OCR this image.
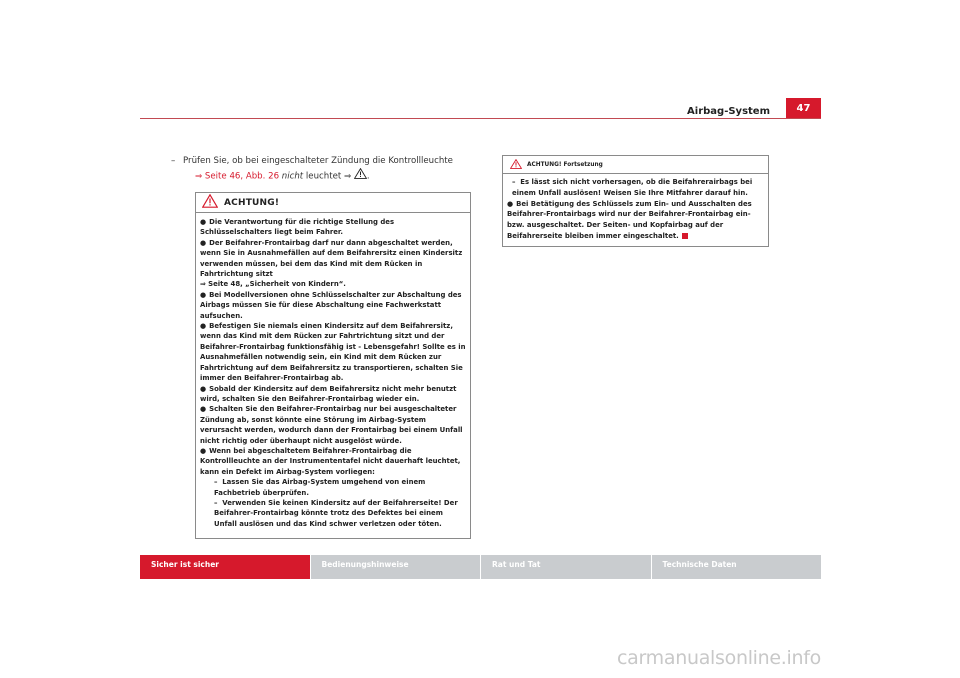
Airbag-System	47
– Prüfen Sie, ob bei eingeschalteter Zündung die Kontrollleuchte
⇒ Seite 46, Abb. 26 nicht leuchtet ⇒ .
ACHTUNG!
● Die Verantwortung für die richtige Stellung des Schlüsselschalters liegt beim Fahrer.
● Der Beifahrer-Frontairbag darf nur dann abgeschaltet werden, wenn Sie in Ausnahmefällen auf dem Beifahrersitz einen Kindersitz verwenden müssen, bei dem das Kind mit dem Rücken in Fahrtrichtung sitzt
⇒ Seite 48, „Sicherheit von Kindern“.
● Bei Modellversionen ohne Schlüsselschalter zur Abschaltung des Airbags müssen Sie für diese Abschaltung eine Fachwerkstatt aufsuchen.
● Befestigen Sie niemals einen Kindersitz auf dem Beifahrersitz, wenn das Kind mit dem Rücken zur Fahrtrichtung sitzt und der Beifahrer-Frontairbag funktionsfähig ist - Lebensgefahr! Sollte es in Ausnahmefällen notwendig sein, ein Kind mit dem Rücken zur Fahrtrichtung auf dem Beifahrersitz zu transportieren, schalten Sie immer den Beifahrer-Frontairbag ab.
● Sobald der Kindersitz auf dem Beifahrersitz nicht mehr benutzt wird, schalten Sie den Beifahrer-Frontairbag wieder ein.
● Schalten Sie den Beifahrer-Frontairbag nur bei ausgeschalteter Zündung ab, sonst könnte eine Störung im Airbag-System verursacht werden, wodurch dann der Frontairbag bei einem Unfall nicht richtig oder überhaupt nicht ausgelöst würde.
● Wenn bei abgeschaltetem Beifahrer-Frontairbag die Kontrollleuchte an der Instrumententafel nicht dauerhaft leuchtet, kann ein Defekt im Airbag-System vorliegen:
–  Lassen Sie das Airbag-System umgehend von einem Fachbetrieb überprüfen.
–  Verwenden Sie keinen Kindersitz auf der Beifahrerseite! Der Beifahrer-Frontairbag könnte trotz des Defektes bei einem Unfall auslösen und das Kind schwer verletzen oder töten.
ACHTUNG! Fortsetzung
–  Es lässt sich nicht vorhersagen, ob die Beifahrerairbags bei einem Unfall auslösen! Weisen Sie Ihre Mitfahrer darauf hin.
● Bei Betätigung des Schlüssels zum Ein- und Ausschalten des Beifahrer-Frontairbags wird nur der Beifahrer-Frontairbag ein- bzw. ausgeschaltet. Der Seiten- und Kopfairbag auf der Beifahrerseite bleiben immer eingeschaltet.
Sicher ist sicher	Bedienungshinweise	Rat und Tat	Technische Daten
carmanualsonline.info
